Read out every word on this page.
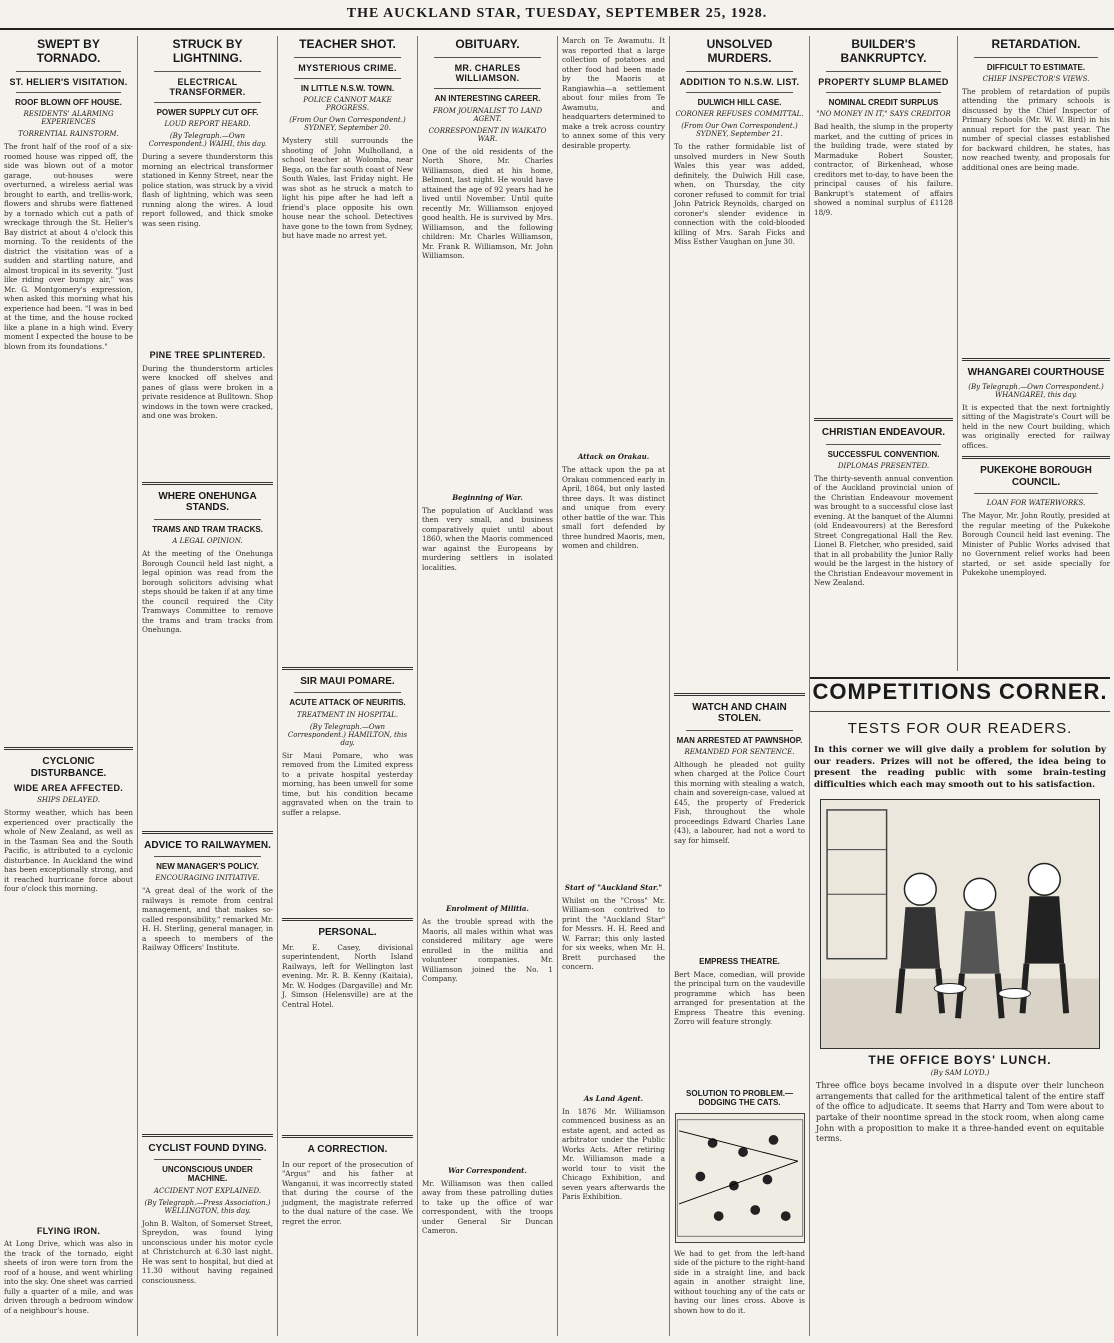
THE AUCKLAND STAR, TUESDAY, SEPTEMBER 25, 1928.
SWEPT BY TORNADO.
ST. HELIER'S VISITATION.
ROOF BLOWN OFF HOUSE.
RESIDENTS' ALARMING EXPERIENCES
TORRENTIAL RAINSTORM.
The front half of the roof of a six-roomed house was ripped off, the side was blown out of a motor garage, out-houses were overturned, a wireless aerial was brought to earth, and trellis-work, flowers and shrubs were flattened by a tornado which cut a path of wreckage through the St. Helier's Bay district at about 4 o'clock this morning. To the residents of the district the visitation was of a sudden and startling nature, and almost tropical in its severity. "Just like riding over bumpy air," was Mr. G. Montgomery's expression, when asked this morning what his experience had been. "I was in bed at the time, and the house rocked like a plane in a high wind. Every moment I expected the house to be blown from its foundations."
CYCLONIC DISTURBANCE.
WIDE AREA AFFECTED.
SHIPS DELAYED.
Stormy weather, which has been experienced over practically the whole of New Zealand, as well as in the Tasman Sea and the South Pacific, is attributed to a cyclonic disturbance. In Auckland the wind has been exceptionally strong, and it reached hurricane force about four o'clock this morning.
FLYING IRON.
At Long Drive, which was also in the track of the tornado, eight sheets of iron were torn from the roof of a house, and went whirling into the sky. One sheet was carried fully a quarter of a mile, and was driven through a bedroom window of a neighbour's house.
STRUCK BY LIGHTNING.
ELECTRICAL TRANSFORMER.
POWER SUPPLY CUT OFF.
LOUD REPORT HEARD.
(By Telegraph.—Own Correspondent.) WAIHI, this day.
During a severe thunderstorm this morning an electrical transformer stationed in Kenny Street, near the police station, was struck by a vivid flash of lightning, which was seen running along the wires. A loud report followed, and thick smoke was seen rising.
PINE TREE SPLINTERED.
During the thunderstorm articles were knocked off shelves and panes of glass were broken in a private residence at Bulltown. Shop windows in the town were cracked, and one was broken.
WHERE ONEHUNGA STANDS.
TRAMS AND TRAM TRACKS.
A LEGAL OPINION.
At the meeting of the Onehunga Borough Council held last night, a legal opinion was read from the borough solicitors advising what steps should be taken if at any time the council required the City Tramways Committee to remove the trams and tram tracks from Onehunga.
ADVICE TO RAILWAYMEN.
NEW MANAGER'S POLICY.
ENCOURAGING INITIATIVE.
"A great deal of the work of the railways is remote from central management, and that makes so-called responsibility," remarked Mr. H. H. Sterling, general manager, in a speech to members of the Railway Officers' Institute.
CYCLIST FOUND DYING.
UNCONSCIOUS UNDER MACHINE.
ACCIDENT NOT EXPLAINED.
(By Telegraph.—Press Association.) WELLINGTON, this day.
John B. Walton, of Somerset Street, Spreydon, was found lying unconscious under his motor cycle at Christchurch at 6.30 last night. He was sent to hospital, but died at 11.30 without having regained consciousness.
TEACHER SHOT.
MYSTERIOUS CRIME.
IN LITTLE N.S.W. TOWN.
POLICE CANNOT MAKE PROGRESS.
(From Our Own Correspondent.) SYDNEY, September 20.
Mystery still surrounds the shooting of John Mulholland, a school teacher at Wolomba, near Bega, on the far south coast of New South Wales, last Friday night. He was shot as he struck a match to light his pipe after he had left a friend's place opposite his own house near the school. Detectives have gone to the town from Sydney, but have made no arrest yet.
SIR MAUI POMARE.
ACUTE ATTACK OF NEURITIS.
TREATMENT IN HOSPITAL.
(By Telegraph.—Own Correspondent.) HAMILTON, this day.
Sir Maui Pomare, who was removed from the Limited express to a private hospital yesterday morning, has been unwell for some time, but his condition became aggravated when on the train to suffer a relapse.
PERSONAL.
Mr. E. Casey, divisional superintendent, North Island Railways, left for Wellington last evening. Mr. R. B. Kenny (Kaitaia), Mr. W. Hodges (Dargaville) and Mr. J. Simson (Helensville) are at the Central Hotel.
A CORRECTION.
In our report of the prosecution of "Argus" and his father at Wanganui, it was incorrectly stated that during the course of the judgment, the magistrate referred to the dual nature of the case. We regret the error.
OBITUARY.
MR. CHARLES WILLIAMSON.
AN INTERESTING CAREER.
FROM JOURNALIST TO LAND AGENT.
CORRESPONDENT IN WAIKATO WAR.
One of the old residents of the North Shore, Mr. Charles Williamson, died at his home, Belmont, last night. He would have attained the age of 92 years had he lived until November. Until quite recently Mr. Williamson enjoyed good health. He is survived by Mrs. Williamson, and the following children: Mr. Charles Williamson, Mr. Frank R. Williamson, Mr. John Williamson.
Beginning of War.
The population of Auckland was then very small, and business comparatively quiet until about 1860, when the Maoris commenced war against the Europeans by murdering settlers in isolated localities.
Enrolment of Militia.
As the trouble spread with the Maoris, all males within what was considered military age were enrolled in the militia and volunteer companies. Mr. Williamson joined the No. 1 Company.
War Correspondent.
Mr. Williamson was then called away from these patrolling duties to take up the office of war correspondent, with the troops under General Sir Duncan Cameron.
March on Te Awamutu. It was reported that a large collection of potatoes and other food had been made by the Maoris at Rangiawhia—a settlement about four miles from Te Awamutu, and headquarters determined to make a trek across country to annex some of this very desirable property.
Attack on Orakau.
The attack upon the pa at Orakau commenced early in April, 1864, but only lasted three days. It was distinct and unique from every other battle of the war. This small fort defended by three hundred Maoris, men, women and children.
Start of "Auckland Star."
Whilst on the "Cross" Mr. William-son contrived to print the "Auckland Star" for Messrs. H. H. Reed and W. Farrar; this only lasted for six weeks, when Mr. H. Brett purchased the concern.
As Land Agent.
In 1876 Mr. Williamson commenced business as an estate agent, and acted as arbitrator under the Public Works Acts. After retiring Mr. Williamson made a world tour to visit the Chicago Exhibition, and seven years afterwards the Paris Exhibition.
UNSOLVED MURDERS.
ADDITION TO N.S.W. LIST.
DULWICH HILL CASE.
CORONER REFUSES COMMITTAL.
(From Our Own Correspondent.) SYDNEY, September 21.
To the rather formidable list of unsolved murders in New South Wales this year was added, definitely, the Dulwich Hill case, when, on Thursday, the city coroner refused to commit for trial John Patrick Reynolds, charged on coroner's slender evidence in connection with the cold-blooded killing of Mrs. Sarah Ficks and Miss Esther Vaughan on June 30.
WATCH AND CHAIN STOLEN.
MAN ARRESTED AT PAWNSHOP.
REMANDED FOR SENTENCE.
Although he pleaded not guilty when charged at the Police Court this morning with stealing a watch, chain and sovereign-case, valued at £45, the property of Frederick Fish, throughout the whole proceedings Edward Charles Lane (43), a labourer, had not a word to say for himself.
EMPRESS THEATRE.
Bert Mace, comedian, will provide the principal turn on the vaudeville programme which has been arranged for presentation at the Empress Theatre this evening. Zorro will feature strongly.
SOLUTION TO PROBLEM.—DODGING THE CATS.
We had to get from the left-hand side of the picture to the right-hand side in a straight line, and back again in another straight line, without touching any of the cats or having our lines cross. Above is shown how to do it.
BUILDER'S BANKRUPTCY.
PROPERTY SLUMP BLAMED
NOMINAL CREDIT SURPLUS
"NO MONEY IN IT," SAYS CREDITOR
Bad health, the slump in the property market, and the cutting of prices in the building trade, were stated by Marmaduke Robert Souster, contractor, of Birkenhead, whose creditors met to-day, to have been the principal causes of his failure. Bankrupt's statement of affairs showed a nominal surplus of £1128 18/9.
CHRISTIAN ENDEAVOUR.
SUCCESSFUL CONVENTION.
DIPLOMAS PRESENTED.
The thirty-seventh annual convention of the Auckland provincial union of the Christian Endeavour movement was brought to a successful close last evening. At the banquet of the Alumni (old Endeavourers) at the Beresford Street Congregational Hall the Rev. Lionel B. Fletcher, who presided, said that in all probability the Junior Rally would be the largest in the history of the Christian Endeavour movement in New Zealand.
RETARDATION.
DIFFICULT TO ESTIMATE.
CHIEF INSPECTOR'S VIEWS.
The problem of retardation of pupils attending the primary schools is discussed by the Chief Inspector of Primary Schools (Mr. W. W. Bird) in his annual report for the past year. The number of special classes established for backward children, he states, has now reached twenty, and proposals for additional ones are being made.
WHANGAREI COURTHOUSE
(By Telegraph.—Own Correspondent.) WHANGAREI, this day.
It is expected that the next fortnightly sitting of the Magistrate's Court will be held in the new Court building, which was originally erected for railway offices.
PUKEKOHE BOROUGH COUNCIL.
LOAN FOR WATERWORKS.
The Mayor, Mr. John Routly, presided at the regular meeting of the Pukekohe Borough Council held last evening. The Minister of Public Works advised that no Government relief works had been started, or set aside specially for Pukekohe unemployed.
COMPETITIONS CORNER.
TESTS FOR OUR READERS.
In this corner we will give daily a problem for solution by our readers. Prizes will not be offered, the idea being to present the reading public with some brain-testing difficulties which each may smooth out to his satisfaction.
THE OFFICE BOYS' LUNCH.
(By SAM LOYD.)
Three office boys became involved in a dispute over their luncheon arrangements that called for the arithmetical talent of the entire staff of the office to adjudicate. It seems that Harry and Tom were about to partake of their noontime spread in the stock room, when along came John with a proposition to make it a three-handed event on equitable terms.
